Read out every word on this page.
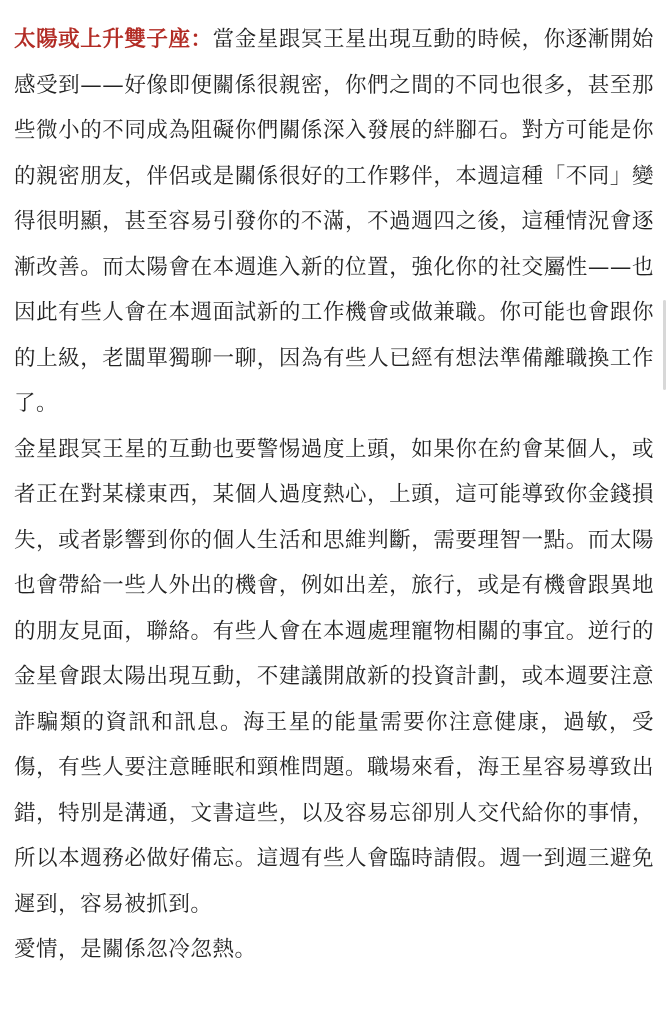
太陽或上升雙子座：當金星跟冥王星出現互動的時候，你逐漸開始感受到——好像即便關係很親密，你們之間的不同也很多，甚至那些微小的不同成為阻礙你們關係深入發展的絆腳石。對方可能是你的親密朋友，伴侶或是關係很好的工作夥伴，本週這種「不同」變得很明顯，甚至容易引發你的不滿，不過週四之後，這種情況會逐漸改善。而太陽會在本週進入新的位置，強化你的社交屬性——也因此有些人會在本週面試新的工作機會或做兼職。你可能也會跟你的上級，老闆單獨聊一聊，因為有些人已經有想法準備離職換工作了。

金星跟冥王星的互動也要警惕過度上頭，如果你在約會某個人，或者正在對某樣東西，某個人過度熱心，上頭，這可能導致你金錢損失，或者影響到你的個人生活和思維判斷，需要理智一點。而太陽也會帶給一些人外出的機會，例如出差，旅行，或是有機會跟異地的朋友見面，聯絡。有些人會在本週處理寵物相關的事宜。逆行的金星會跟太陽出現互動，不建議開啟新的投資計劃，或本週要注意詐騙類的資訊和訊息。海王星的能量需要你注意健康，過敏，受傷，有些人要注意睡眠和頸椎問題。職場來看，海王星容易導致出錯，特別是溝通，文書這些，以及容易忘卻別人交代給你的事情，所以本週務必做好備忘。這週有些人會臨時請假。週一到週三避免遲到，容易被抓到。

愛情，是關係忽冷忽熱。
